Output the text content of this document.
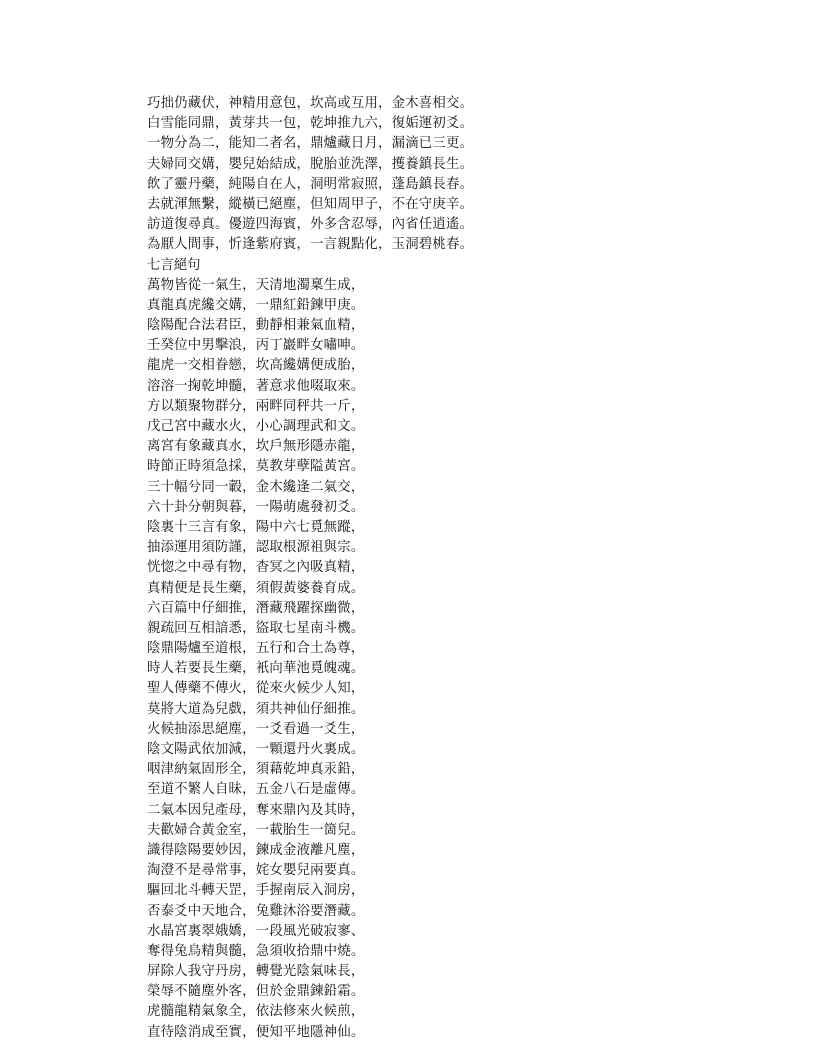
巧拙仍藏伏，神精用意包，坎高或互用，金木喜相交。
白雪能同鼎，黃芽共一包，乾坤推九六，復姤運初爻。
一物分為二，能知二者名，鼎爐藏日月，漏滴已三更。
夫婦同交媾，嬰兒始結成，脫胎並洗澤，擭養鎮長生。
飲了靈丹藥，純陽自在人，洞明常寂照，蓬島鎮長春。
去就渾無繫，縱橫已絕塵，但知周甲子，不在守庚辛。
訪道復尋真。優遊四海賓，外多含忍辱，內省任逍遙。
為厭人間事，忻逢紫府賓，一言親點化，玉洞碧桃春。
七言絕句
萬物皆從一氣生，天清地濁稟生成，
真龍真虎纔交媾，一鼎紅鉛鍊甲庚。
陰陽配合法君臣，動靜相兼氣血精，
壬癸位中男擊浪，丙丁巖畔女嘯呻。
龍虎一交相眷戀，坎高纔媾便成胎，
溶溶一掬乾坤髓，著意求他啜取來。
方以類聚物群分，兩畔同秤共一斤，
戊己宮中藏水火，小心調理武和文。
离宮有象藏真水，坎戶無形隱赤龍，
時節正時須急採，莫教芽孽隘黃宮。
三十幅兮同一轂，金木纔逢二氣交，
六十卦分朝與暮，一陽萌處發初爻。
陰裏十三言有象，陽中六七覓無蹤，
抽添運用須防謹，認取根源祖與宗。
恍惚之中尋有物，杳冥之內吸真精，
真精便是長生藥，須假黃婆養育成。
六百篇中仔細推，潛藏飛躍探幽微，
親疏回互相諳悉，盜取七星南斗機。
陰鼎陽爐至道根，五行和合土為尊，
時人若要長生藥，衹向華池覓魄魂。
聖人傳藥不傳火，從來火候少人知，
莫將大道為兒戲，須共神仙仔細推。
火候抽添思絕塵，一爻看過一爻生，
陰文陽武依加減，一顆還丹火裏成。
咽津納氣固形全，須藉乾坤真汞鉛，
至道不繁人自昧，五金八石是虛傳。
二氣本因兒產母，奪來鼎內及其時，
夫歡婦合黃金室，一載胎生一箇兒。
識得陰陽要妙因，鍊成金液離凡塵，
淘澄不是尋常事，姹女嬰兒兩要真。
驅回北斗轉天罡，手握南辰入洞房，
否泰爻中天地合，兔雞沐浴要潛藏。
水晶宮裏翠娥嬌，一段風光破寂寥、
奪得兔烏精與髓，急須收拾鼎中燒。
屏除人我守丹房，轉覺光陰氣味長，
榮辱不隨塵外客，但於金鼎鍊鉛霜。
虎髓龍精氣象全，依法修來火候煎，
直待陰消成至實，便知平地隱神仙。
